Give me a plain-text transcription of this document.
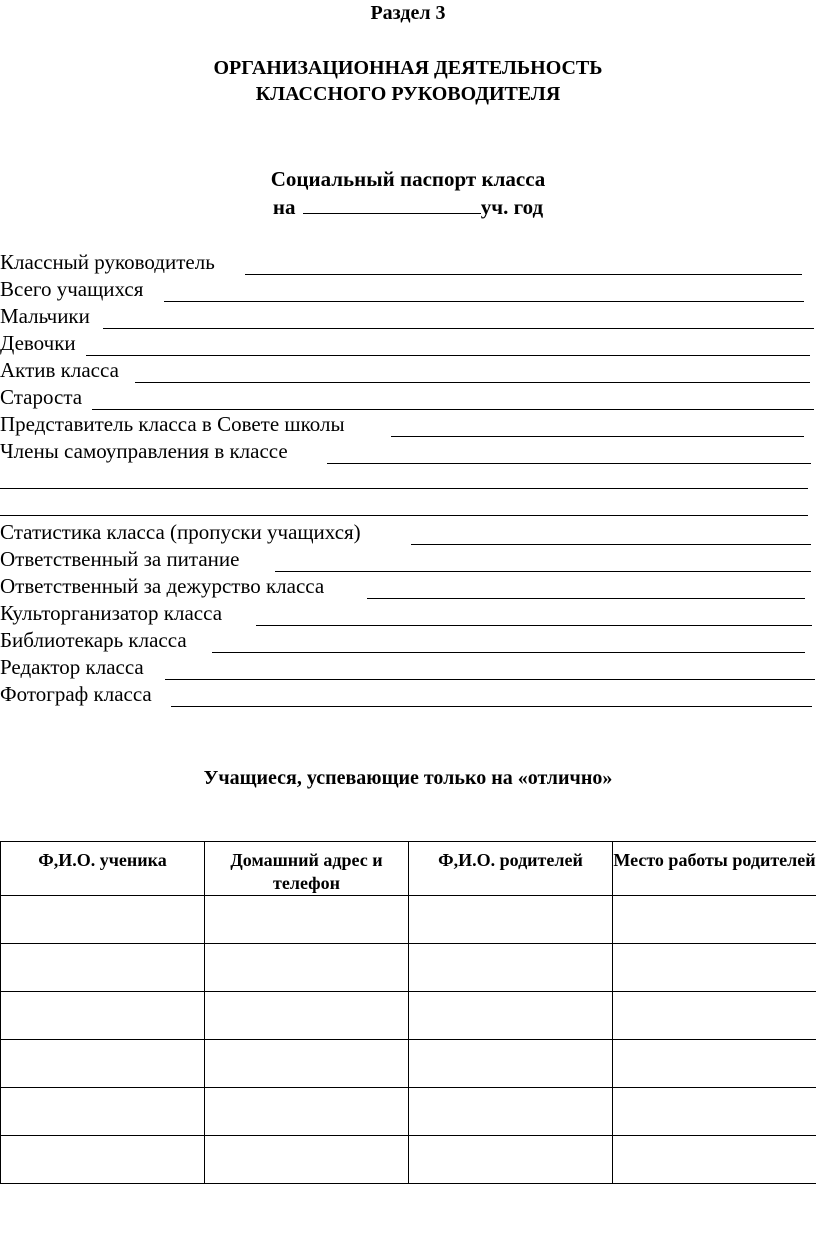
Раздел 3
ОРГАНИЗАЦИОННАЯ ДЕЯТЕЛЬНОСТЬ
КЛАССНОГО РУКОВОДИТЕЛЯ
Социальный паспорт класса
на	уч. год
Классный руководитель
Всего учащихся
Мальчики
Девочки
Актив класса
Староста
Представитель класса в Совете школы
Члены самоуправления в классе
Статистика класса (пропуски учащихся)
Ответственный за питание
Ответственный за дежурство класса
Культорганизатор класса
Библиотекарь класса
Редактор класса
Фотограф класса
Учащиеся, успевающие только на «отлично»
Ф,И.О. ученика	Домашний адрес и телефон	Ф,И.О. родителей	Место работы родителей
